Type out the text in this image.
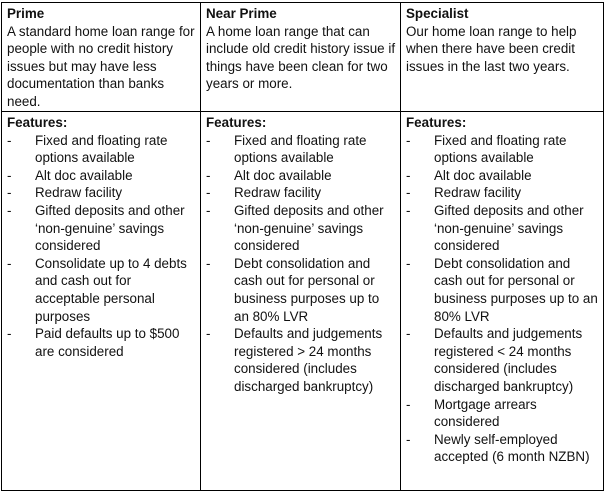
Prime
A standard home loan range for people with no credit history issues but may have less documentation than banks need.
Near Prime
A home loan range that can include old credit history issue if things have been clean for two years or more.
Specialist
Our home loan range to help when there have been credit issues in the last two years.
Features:
- Fixed and floating rate options available
- Alt doc available
- Redraw facility
- Gifted deposits and other ‘non-genuine’ savings considered
- Consolidate up to 4 debts and cash out for acceptable personal purposes
- Paid defaults up to $500 are considered
Features:
- Fixed and floating rate options available
- Alt doc available
- Redraw facility
- Gifted deposits and other ‘non-genuine’ savings considered
- Debt consolidation and cash out for personal or business purposes up to an 80% LVR
- Defaults and judgements registered > 24 months considered (includes discharged bankruptcy)
Features:
- Fixed and floating rate options available
- Alt doc available
- Redraw facility
- Gifted deposits and other ‘non-genuine’ savings considered
- Debt consolidation and cash out for personal or business purposes up to an 80% LVR
- Defaults and judgements registered < 24 months considered (includes discharged bankruptcy)
- Mortgage arrears considered
- Newly self-employed accepted (6 month NZBN)
